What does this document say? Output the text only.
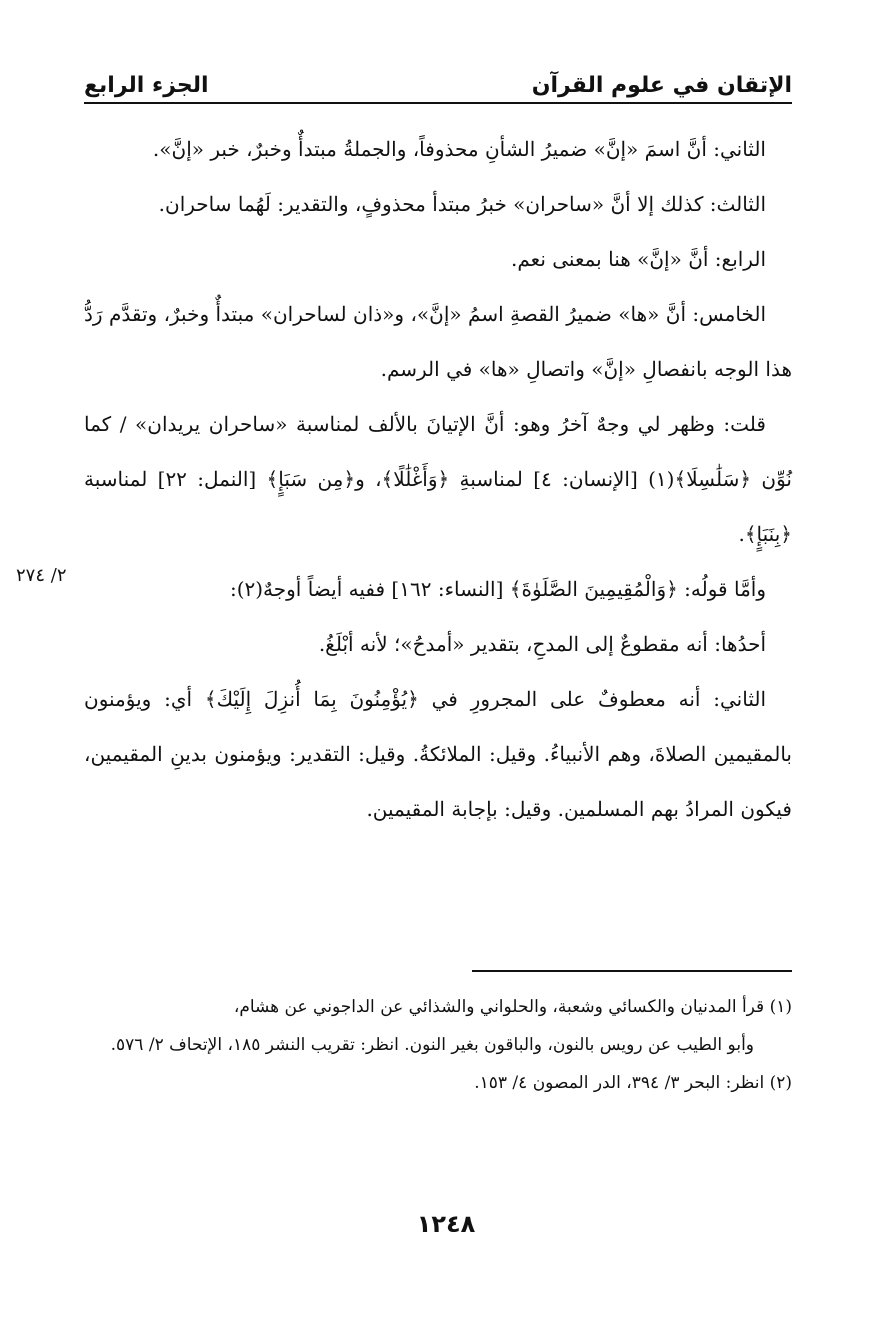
الإتقان في علوم القرآن
الجزء الرابع

الثاني: أنَّ اسمَ «إنَّ» ضميرُ الشأنِ محذوفاً، والجملةُ مبتدأٌ وخبرٌ، خبر «إنَّ».

الثالث: كذلك إلا أنَّ «ساحران» خبرُ مبتدأ محذوفٍ، والتقدير: لَهُما ساحران.

الرابع: أنَّ «إنَّ» هنا بمعنى نعم.

الخامس: أنَّ «ها» ضميرُ القصةِ اسمُ «إنَّ»، و«ذان لساحران» مبتدأٌ وخبرٌ، وتقدَّم رَدُّ هذا الوجه بانفصالِ «إنَّ» واتصالِ «ها» في الرسم.

قلت: وظهر لي وجهٌ آخرُ وهو: أنَّ الإتيانَ بالألف لمناسبة «ساحران يريدان» / كما نُوِّن ﴿سَلَٰسِلَا﴾(١) [الإنسان: ٤] لمناسبةِ ﴿وَأَغْلَٰلًا﴾، و﴿مِن سَبَإٍ﴾ [النمل: ٢٢] لمناسبة ﴿بِنَبَإٍ﴾.

وأمَّا قولُه: ﴿وَالْمُقِيمِينَ الصَّلَوٰةَ﴾ [النساء: ١٦٢] ففيه أيضاً أوجهٌ(٢):

أحدُها: أنه مقطوعٌ إلى المدحِ، بتقدير «أمدحُ»؛ لأنه أبْلَغُ.

الثاني: أنه معطوفٌ على المجرورِ في ﴿يُؤْمِنُونَ بِمَا أُنزِلَ إِلَيْكَ﴾ أي: ويؤمنون بالمقيمين الصلاةَ، وهم الأنبياءُ. وقيل: الملائكةُ. وقيل: التقدير: ويؤمنون بدينِ المقيمين، فيكون المرادُ بهم المسلمين. وقيل: بإجابة المقيمين.

٢/ ٢٧٤

(١) قرأ المدنيان والكسائي وشعبة، والحلواني والشذائي عن الداجوني عن هشام،

وأبو الطيب عن رويس بالنون، والباقون بغير النون. انظر: تقريب النشر ١٨٥، الإتحاف ٢/ ٥٧٦.

(٢) انظر: البحر ٣/ ٣٩٤، الدر المصون ٤/ ١٥٣.

١٢٤٨
